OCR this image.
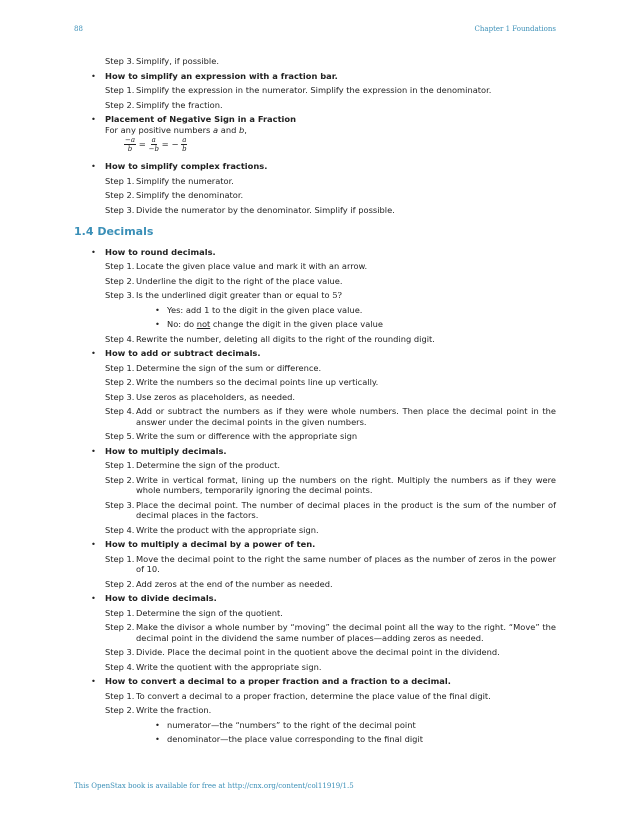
88	Chapter 1 Foundations
Step 3. Simplify, if possible.
• How to simplify an expression with a fraction bar.
Step 1. Simplify the expression in the numerator. Simplify the expression in the denominator.
Step 2. Simplify the fraction.
• Placement of Negative Sign in a Fraction
For any positive numbers a and b,
$\frac{-a}{b} = \frac{a}{-b}$ = − $\frac{a}{b}$
• How to simplify complex fractions.
Step 1. Simplify the numerator.
Step 2. Simplify the denominator.
Step 3. Divide the numerator by the denominator. Simplify if possible.
1.4 Decimals
• How to round decimals.
Step 1. Locate the given place value and mark it with an arrow.
Step 2. Underline the digit to the right of the place value.
Step 3. Is the underlined digit greater than or equal to 5?
• Yes: add 1 to the digit in the given place value.
• No: do not change the digit in the given place value
Step 4. Rewrite the number, deleting all digits to the right of the rounding digit.
• How to add or subtract decimals.
Step 1. Determine the sign of the sum or difference.
Step 2. Write the numbers so the decimal points line up vertically.
Step 3. Use zeros as placeholders, as needed.
Step 4. Add or subtract the numbers as if they were whole numbers. Then place the decimal point in the answer under the decimal points in the given numbers.
Step 5. Write the sum or difference with the appropriate sign
• How to multiply decimals.
Step 1. Determine the sign of the product.
Step 2. Write in vertical format, lining up the numbers on the right. Multiply the numbers as if they were whole numbers, temporarily ignoring the decimal points.
Step 3. Place the decimal point. The number of decimal places in the product is the sum of the number of decimal places in the factors.
Step 4. Write the product with the appropriate sign.
• How to multiply a decimal by a power of ten.
Step 1. Move the decimal point to the right the same number of places as the number of zeros in the power of 10.
Step 2. Add zeros at the end of the number as needed.
• How to divide decimals.
Step 1. Determine the sign of the quotient.
Step 2. Make the divisor a whole number by “moving” the decimal point all the way to the right. “Move” the decimal point in the dividend the same number of places—adding zeros as needed.
Step 3. Divide. Place the decimal point in the quotient above the decimal point in the dividend.
Step 4. Write the quotient with the appropriate sign.
• How to convert a decimal to a proper fraction and a fraction to a decimal.
Step 1. To convert a decimal to a proper fraction, determine the place value of the final digit.
Step 2. Write the fraction.
• numerator—the “numbers” to the right of the decimal point
• denominator—the place value corresponding to the final digit
This OpenStax book is available for free at http://cnx.org/content/col11919/1.5
